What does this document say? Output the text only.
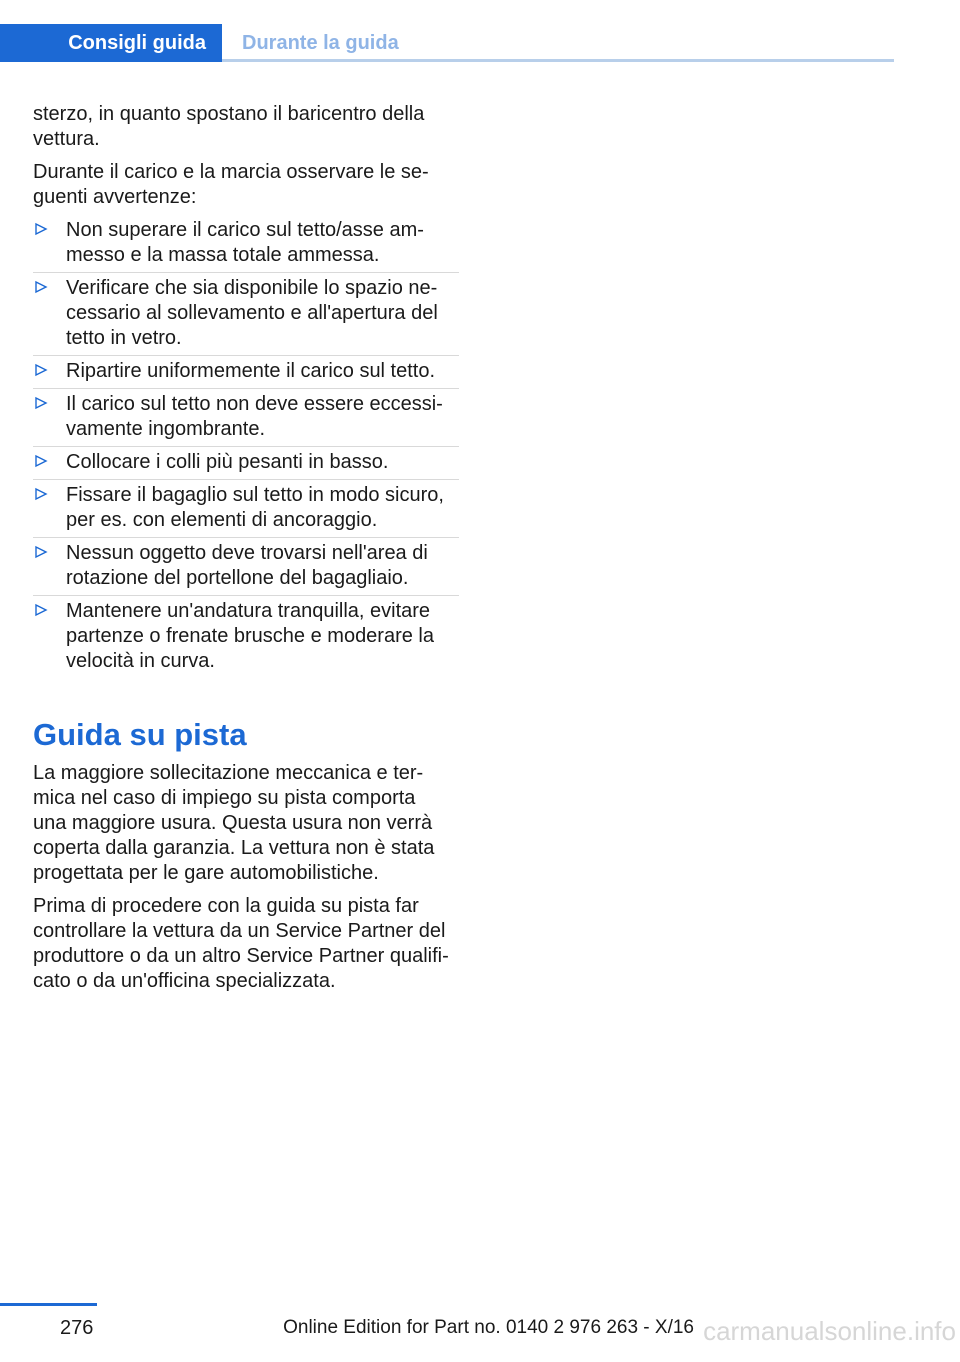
Consigli guida	Durante la guida

sterzo, in quanto spostano il baricentro della vettura.

Durante il carico e la marcia osservare le se-guenti avvertenze:

Non superare il carico sul tetto/asse am-messo e la massa totale ammessa.
Verificare che sia disponibile lo spazio ne-cessario al sollevamento e all'apertura del tetto in vetro.
Ripartire uniformemente il carico sul tetto.
Il carico sul tetto non deve essere eccessi-vamente ingombrante.
Collocare i colli più pesanti in basso.
Fissare il bagaglio sul tetto in modo sicuro, per es. con elementi di ancoraggio.
Nessun oggetto deve trovarsi nell'area di rotazione del portellone del bagagliaio.
Mantenere un'andatura tranquilla, evitare partenze o frenate brusche e moderare la velocità in curva.
Guida su pista

La maggiore sollecitazione meccanica e ter-mica nel caso di impiego su pista comporta una maggiore usura. Questa usura non verrà coperta dalla garanzia. La vettura non è stata progettata per le gare automobilistiche.

Prima di procedere con la guida su pista far controllare la vettura da un Service Partner del produttore o da un altro Service Partner qualifi-cato o da un'officina specializzata.

276	Online Edition for Part no. 0140 2 976 263 - X/16 carmanualsonline.info
